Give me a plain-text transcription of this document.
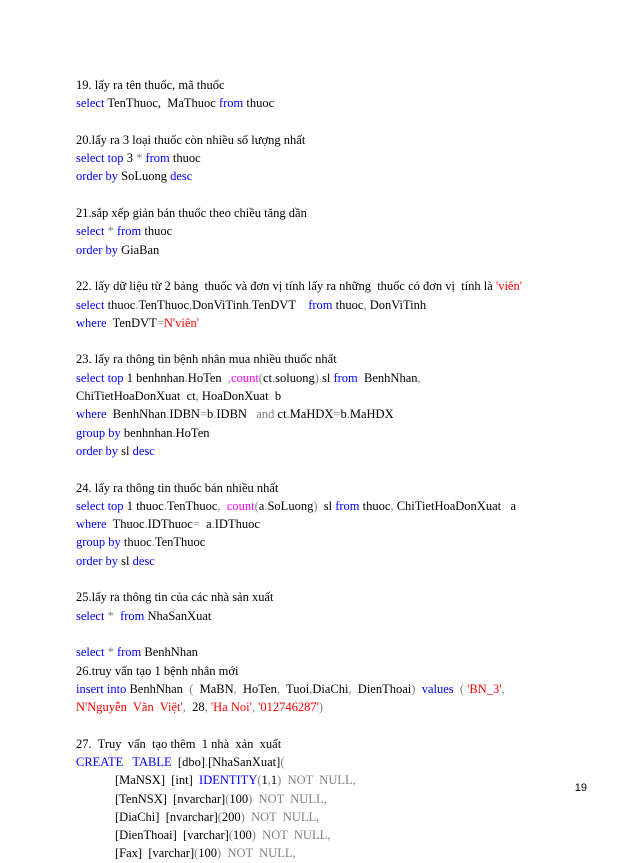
19. lấy ra tên thuốc, mã thuốc
select TenThuoc,  MaThuoc from thuoc
20.lấy ra 3 loại thuốc còn nhiều số lượng nhất
select top 3 * from thuoc
order by SoLuong desc
21.sắp xếp giản bán thuốc theo chiều tăng dần
select * from thuoc
order by GiaBan
22. lấy dữ liệu từ 2 bảng  thuốc và đơn vị tính lấy ra những  thuốc có đơn vị  tính là 'viên'
select thuoc.TenThuoc,DonViTinh.TenDVT    from thuoc, DonViTinh
where  TenDVT=N'viên'
23. lấy ra thông tin bệnh nhân mua nhiều thuốc nhất
select top 1 benhnhan.HoTen  ,count(ct.soluong) sl from  BenhNhan,
ChiTietHoaDonXuat  ct, HoaDonXuat  b
where  BenhNhan.IDBN=b.IDBN   and ct.MaHDX=b.MaHDX
group by benhnhan.HoTen
order by sl desc
24. lấy ra thông tin thuốc bán nhiều nhất
select top 1 thuoc.TenThuoc,  count(a.SoLuong)  sl from thuoc, ChiTietHoaDonXuat   a
where  Thuoc.IDThuoc=  a.IDThuoc
group by thuoc.TenThuoc
order by sl desc
25.lấy ra thông tin của các nhà sản xuất
select * from NhaSanXuat
select * from BenhNhan
26.truy vấn tạo 1 bệnh nhân mới
insert into BenhNhan  (  MaBN,  HoTen,  Tuoi,DiaChi,  DienThoai) values ( 'BN_3',
N'Nguyễn  Văn  Việt',  28, 'Ha Noi', '012746287')
27.  Truy  vấn  tạo thêm  1 nhà  xản  xuất
CREATE   TABLE [dbo].[NhaSanXuat](
[MaNSX] [int] IDENTITY(1,1) NOT  NULL,
[TenNSX] [nvarchar](100) NOT  NULL,
[DiaChi] [nvarchar](200) NOT  NULL,
[DienThoai] [varchar](100) NOT  NULL,
[Fax] [varchar](100) NOT  NULL,
19
